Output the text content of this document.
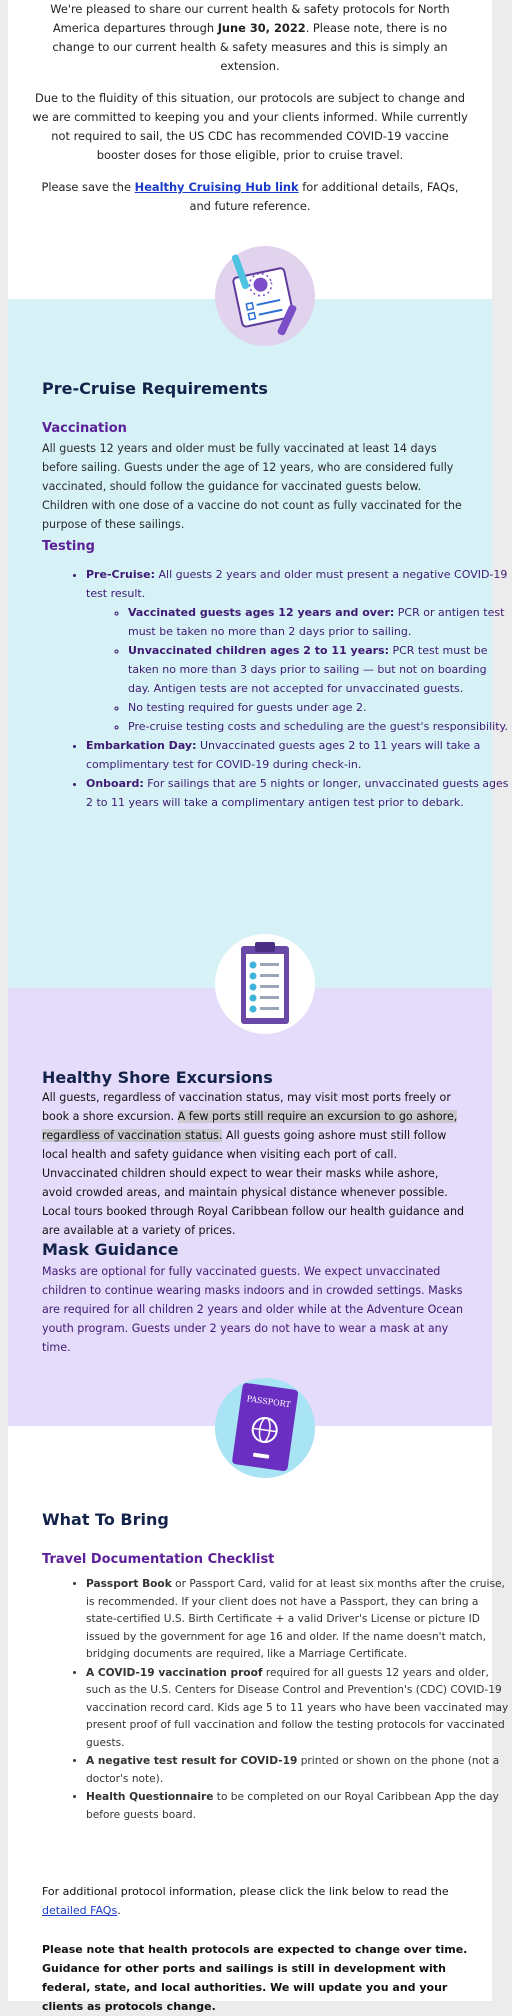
We're pleased to share our current health & safety protocols for North America departures through June 30, 2022. Please note, there is no change to our current health & safety measures and this is simply an extension.

Due to the fluidity of this situation, our protocols are subject to change and we are committed to keeping you and your clients informed. While currently not required to sail, the US CDC has recommended COVID-19 vaccine booster doses for those eligible, prior to cruise travel.

Please save the Healthy Cruising Hub link for additional details, FAQs, and future reference.

Pre-Cruise Requirements
Vaccination

All guests 12 years and older must be fully vaccinated at least 14 days before sailing. Guests under the age of 12 years, who are considered fully vaccinated, should follow the guidance for vaccinated guests below. Children with one dose of a vaccine do not count as fully vaccinated for the purpose of these sailings.

Testing
• Pre-Cruise: All guests 2 years and older must present a negative COVID-19 test result.
◦ Vaccinated guests ages 12 years and over: PCR or antigen test must be taken no more than 2 days prior to sailing.
◦ Unvaccinated children ages 2 to 11 years: PCR test must be taken no more than 3 days prior to sailing — but not on boarding day. Antigen tests are not accepted for unvaccinated guests.
◦ No testing required for guests under age 2.
◦ Pre-cruise testing costs and scheduling are the guest's responsibility.
• Embarkation Day: Unvaccinated guests ages 2 to 11 years will take a complimentary test for COVID-19 during check-in.
• Onboard: For sailings that are 5 nights or longer, unvaccinated guests ages 2 to 11 years will take a complimentary antigen test prior to debark.
Healthy Shore Excursions

All guests, regardless of vaccination status, may visit most ports freely or book a shore excursion. A few ports still require an excursion to go ashore, regardless of vaccination status. All guests going ashore must still follow local health and safety guidance when visiting each port of call. Unvaccinated children should expect to wear their masks while ashore, avoid crowded areas, and maintain physical distance whenever possible. Local tours booked through Royal Caribbean follow our health guidance and are available at a variety of prices.

Mask Guidance

Masks are optional for fully vaccinated guests. We expect unvaccinated children to continue wearing masks indoors and in crowded settings. Masks are required for all children 2 years and older while at the Adventure Ocean youth program. Guests under 2 years do not have to wear a mask at any time.

PASSPORT
What To Bring
Travel Documentation Checklist
• Passport Book or Passport Card, valid for at least six months after the cruise, is recommended. If your client does not have a Passport, they can bring a state-certified U.S. Birth Certificate + a valid Driver's License or picture ID issued by the government for age 16 and older. If the name doesn't match, bridging documents are required, like a Marriage Certificate.
• A COVID-19 vaccination proof required for all guests 12 years and older, such as the U.S. Centers for Disease Control and Prevention's (CDC) COVID-19 vaccination record card. Kids age 5 to 11 years who have been vaccinated may present proof of full vaccination and follow the testing protocols for vaccinated guests.
• A negative test result for COVID-19 printed or shown on the phone (not a doctor's note).
• Health Questionnaire to be completed on our Royal Caribbean App the day before guests board.

For additional protocol information, please click the link below to read the detailed FAQs.

Please note that health protocols are expected to change over time. Guidance for other ports and sailings is still in development with federal, state, and local authorities. We will update you and your clients as protocols change.
